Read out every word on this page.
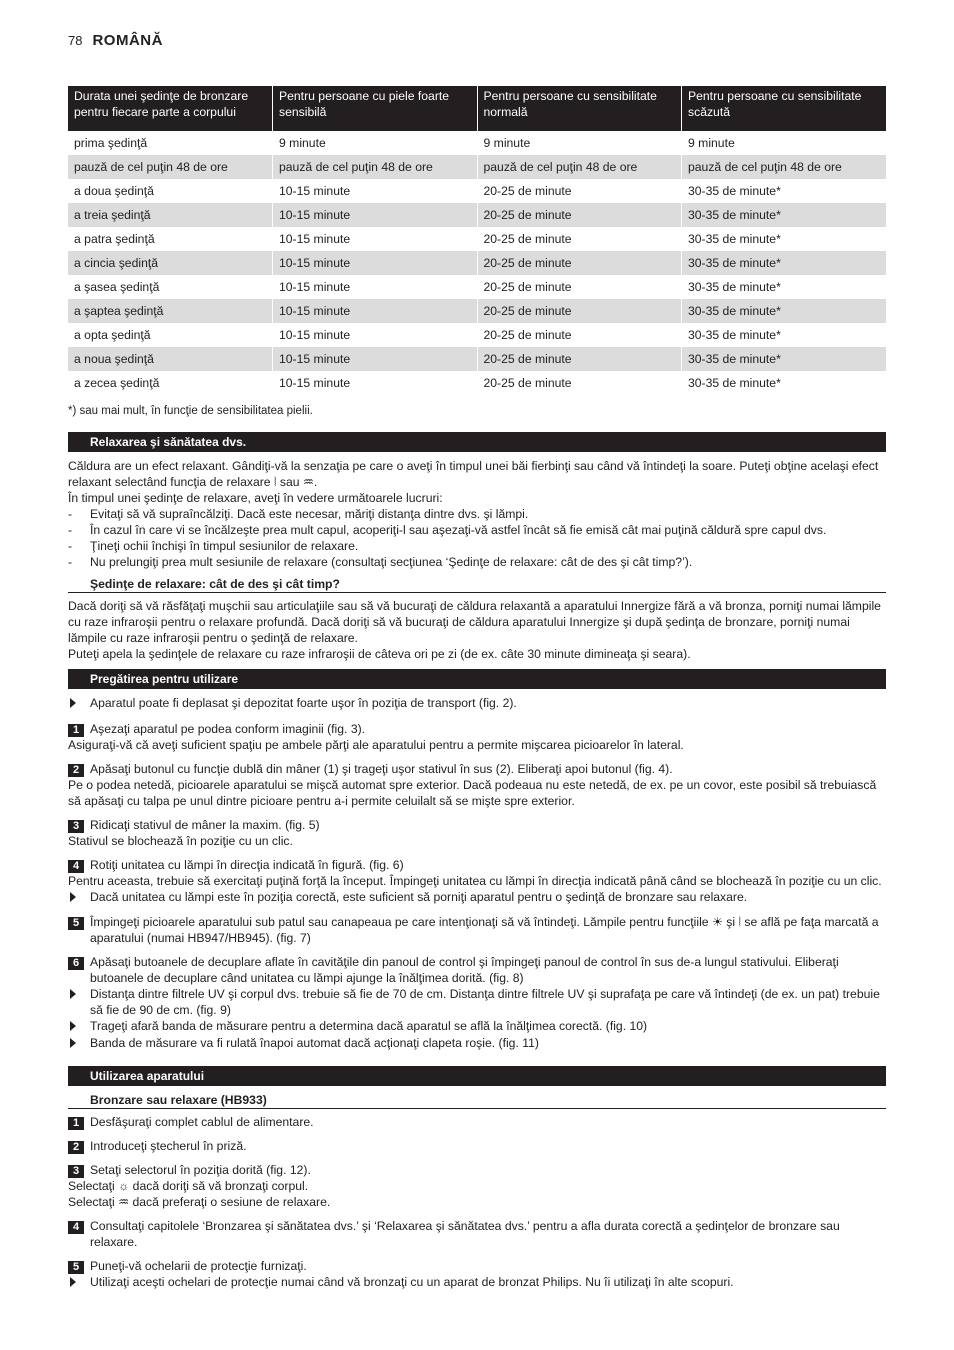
78 ROMÂNĂ
Durata unei şedinţe de bronzare pentru fiecare parte a corpului	Pentru persoane cu piele foarte sensibilă	Pentru persoane cu sensibilitate normală	Pentru persoane cu sensibilitate scăzută
prima şedinţă	9 minute	9 minute	9 minute
pauză de cel puţin 48 de ore	pauză de cel puţin 48 de ore	pauză de cel puţin 48 de ore	pauză de cel puţin 48 de ore
a doua şedinţă	10-15 minute	20-25 de minute	30-35 de minute*
a treia şedinţă	10-15 minute	20-25 de minute	30-35 de minute*
a patra şedinţă	10-15 minute	20-25 de minute	30-35 de minute*
a cincia şedinţă	10-15 minute	20-25 de minute	30-35 de minute*
a şasea şedinţă	10-15 minute	20-25 de minute	30-35 de minute*
a şaptea şedinţă	10-15 minute	20-25 de minute	30-35 de minute*
a opta şedinţă	10-15 minute	20-25 de minute	30-35 de minute*
a noua şedinţă	10-15 minute	20-25 de minute	30-35 de minute*
a zecea şedinţă	10-15 minute	20-25 de minute	30-35 de minute*

*) sau mai mult, în funcţie de sensibilitatea pielii.

Relaxarea şi sănătatea dvs.

Căldura are un efect relaxant. Gândiţi-vă la senzaţia pe care o aveţi în timpul unei băi fierbinţi sau când vă întindeţi la soare. Puteţi obţine acelaşi efect relaxant selectând funcţia de relaxare ⦚ sau ♒.

În timpul unei şedinţe de relaxare, aveţi în vedere următoarele lucruri:

-	Evitaţi să vă supraîncălziţi. Dacă este necesar, măriţi distanţa dintre dvs. şi lămpi.
-	În cazul în care vi se încălzeşte prea mult capul, acoperiţi-l sau aşezaţi-vă astfel încât să fie emisă cât mai puţină căldură spre capul dvs.
-	Ţineţi ochii închişi în timpul sesiunilor de relaxare.
-	Nu prelungiţi prea mult sesiunile de relaxare (consultaţi secţiunea ‘Şedinţe de relaxare: cât de des şi cât timp?’).
Şedinţe de relaxare: cât de des şi cât timp?

Dacă doriţi să vă răsfăţaţi muşchii sau articulaţiile sau să vă bucuraţi de căldura relaxantă a aparatului Innergize fără a vă bronza, porniţi numai lămpile cu raze infraroşii pentru o relaxare profundă. Dacă doriţi să vă bucuraţi de căldura aparatului Innergize şi după şedinţa de bronzare, porniţi numai lămpile cu raze infraroşii pentru o şedinţă de relaxare.

Puteţi apela la şedinţele de relaxare cu raze infraroşii de câteva ori pe zi (de ex. câte 30 minute dimineaţa şi seara).

Pregătirea pentru utilizare
Aparatul poate fi deplasat şi depozitat foarte uşor în poziţia de transport (fig. 2).
1 Aşezaţi aparatul pe podea conform imaginii (fig. 3).

Asiguraţi-vă că aveţi suficient spaţiu pe ambele părţi ale aparatului pentru a permite mişcarea picioarelor în lateral.

2 Apăsaţi butonul cu funcţie dublă din mâner (1) şi trageţi uşor stativul în sus (2). Eliberaţi apoi butonul (fig. 4).

Pe o podea netedă, picioarele aparatului se mişcă automat spre exterior. Dacă podeaua nu este netedă, de ex. pe un covor, este posibil să trebuiască să apăsaţi cu talpa pe unul dintre picioare pentru a-i permite celuilalt să se mişte spre exterior.

3 Ridicaţi stativul de mâner la maxim. (fig. 5)

Stativul se blochează în poziţie cu un clic.

4 Rotiţi unitatea cu lămpi în direcţia indicată în figură. (fig. 6)

Pentru aceasta, trebuie să exercitaţi puţină forţă la început. Împingeţi unitatea cu lămpi în direcţia indicată până când se blochează în poziţie cu un clic.

Dacă unitatea cu lămpi este în poziţia corectă, este suficient să porniţi aparatul pentru o şedinţă de bronzare sau relaxare.
5 Împingeţi picioarele aparatului sub patul sau canapeaua pe care intenţionaţi să vă întindeţi. Lămpile pentru funcţiile ☀ şi ⦚ se află pe faţa marcată a aparatului (numai HB947/HB945). (fig. 7)
6 Apăsaţi butoanele de decuplare aflate în cavităţile din panoul de control şi împingeţi panoul de control în sus de-a lungul stativului. Eliberaţi butoanele de decuplare când unitatea cu lămpi ajunge la înălţimea dorită. (fig. 8)
Distanţa dintre filtrele UV şi corpul dvs. trebuie să fie de 70 de cm. Distanţa dintre filtrele UV şi suprafaţa pe care vă întindeţi (de ex. un pat) trebuie să fie de 90 de cm. (fig. 9)
Trageţi afară banda de măsurare pentru a determina dacă aparatul se află la înălţimea corectă. (fig. 10)
Banda de măsurare va fi rulată înapoi automat dacă acţionaţi clapeta roşie. (fig. 11)
Utilizarea aparatului
Bronzare sau relaxare (HB933)
1 Desfăşuraţi complet cablul de alimentare.
2 Introduceţi ştecherul în priză.
3 Setaţi selectorul în poziţia dorită (fig. 12).

Selectaţi ☼ dacă doriţi să vă bronzaţi corpul.

Selectaţi ♒ dacă preferaţi o sesiune de relaxare.

4 Consultaţi capitolele ‘Bronzarea şi sănătatea dvs.’ şi ‘Relaxarea şi sănătatea dvs.’ pentru a afla durata corectă a şedinţelor de bronzare sau relaxare.
5 Puneţi-vă ochelarii de protecţie furnizaţi.
Utilizaţi aceşti ochelari de protecţie numai când vă bronzaţi cu un aparat de bronzat Philips. Nu îi utilizaţi în alte scopuri.
